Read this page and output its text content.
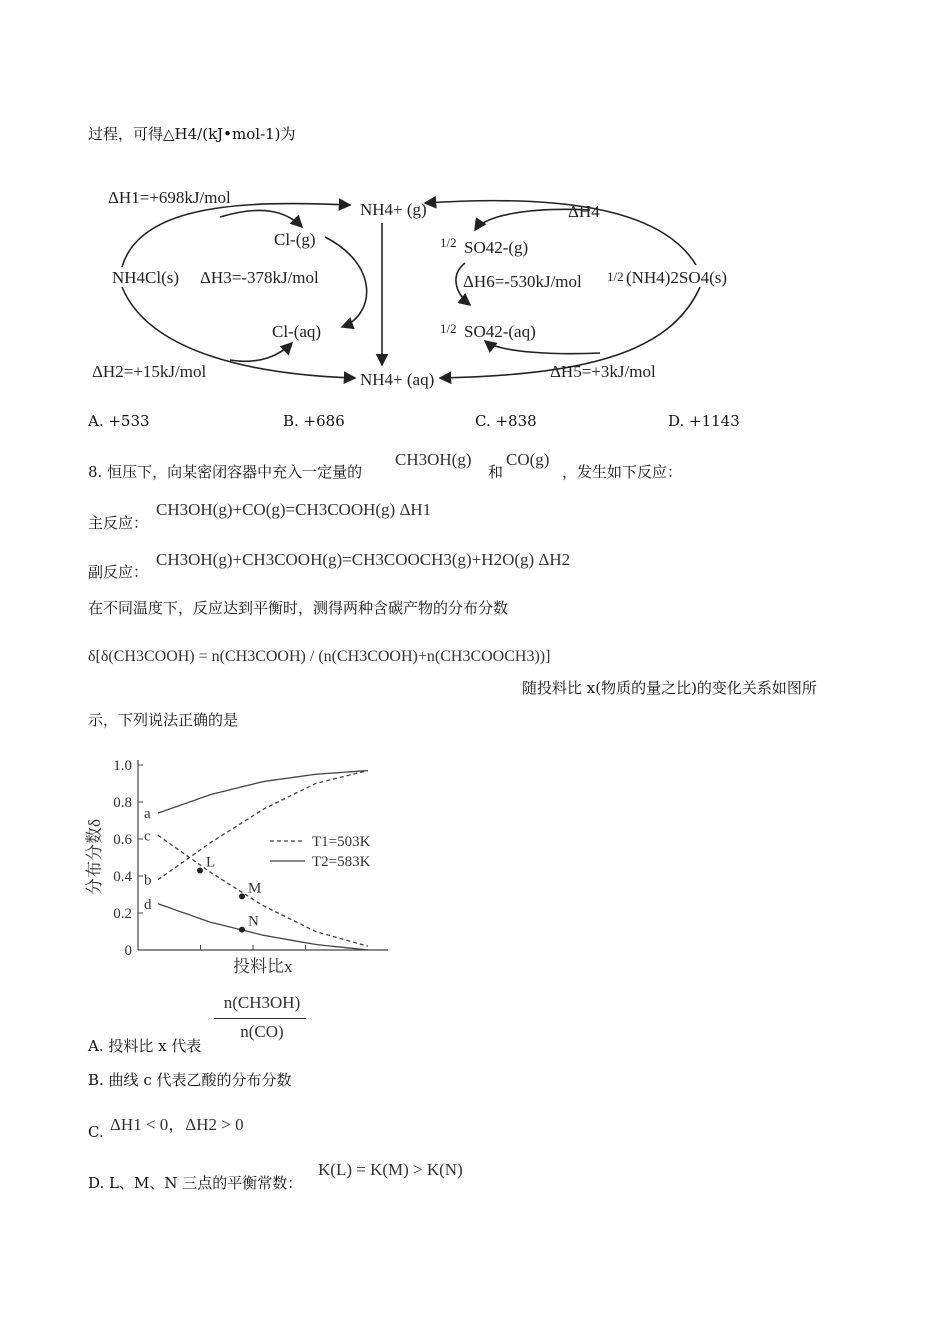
过程，可得△H4/(kJ•mol-1)为
ΔH1=+698kJ/mol
ΔH2=+15kJ/mol
ΔH3=-378kJ/mol
ΔH4
ΔH5=+3kJ/mol
ΔH6=-530kJ/mol
NH4Cl(s)
Cl-(g)
Cl-(aq)
NH4+ (g)
NH4+ (aq)
1/2 SO42-(g)
1/2 (NH4)2SO4(s)
1/2 SO42-(aq)
A. +533	B. +686	C. +838	D. +1143
8. 恒压下，向某密闭容器中充入一定量的
CH3OH(g)
和
CO(g)
，发生如下反应：
主反应：
CH3OH(g)+CO(g)=CH3COOH(g) ΔH1
副反应：
CH3OH(g)+CH3COOH(g)=CH3COOCH3(g)+H2O(g) ΔH2
在不同温度下，反应达到平衡时，测得两种含碳产物的分布分数
δ[δ(CH3COOH) = n(CH3COOH) / (n(CH3COOH)+n(CH3COOCH3))]
随投料比 x(物质的量之比)的变化关系如图所
示，下列说法正确的是
1.0
0.8
0.6
0.4
0.2
0
分布分数δ
投料比x
a
b
c
d
L
M
N
T1=503K
T2=583K
A. 投料比 x 代表
n(CH3OH)
n(CO)
B. 曲线 c 代表乙酸的分布分数
C. ΔH1 < 0，ΔH2 > 0
D. L、M、N 三点的平衡常数：
K(L) = K(M) > K(N)
